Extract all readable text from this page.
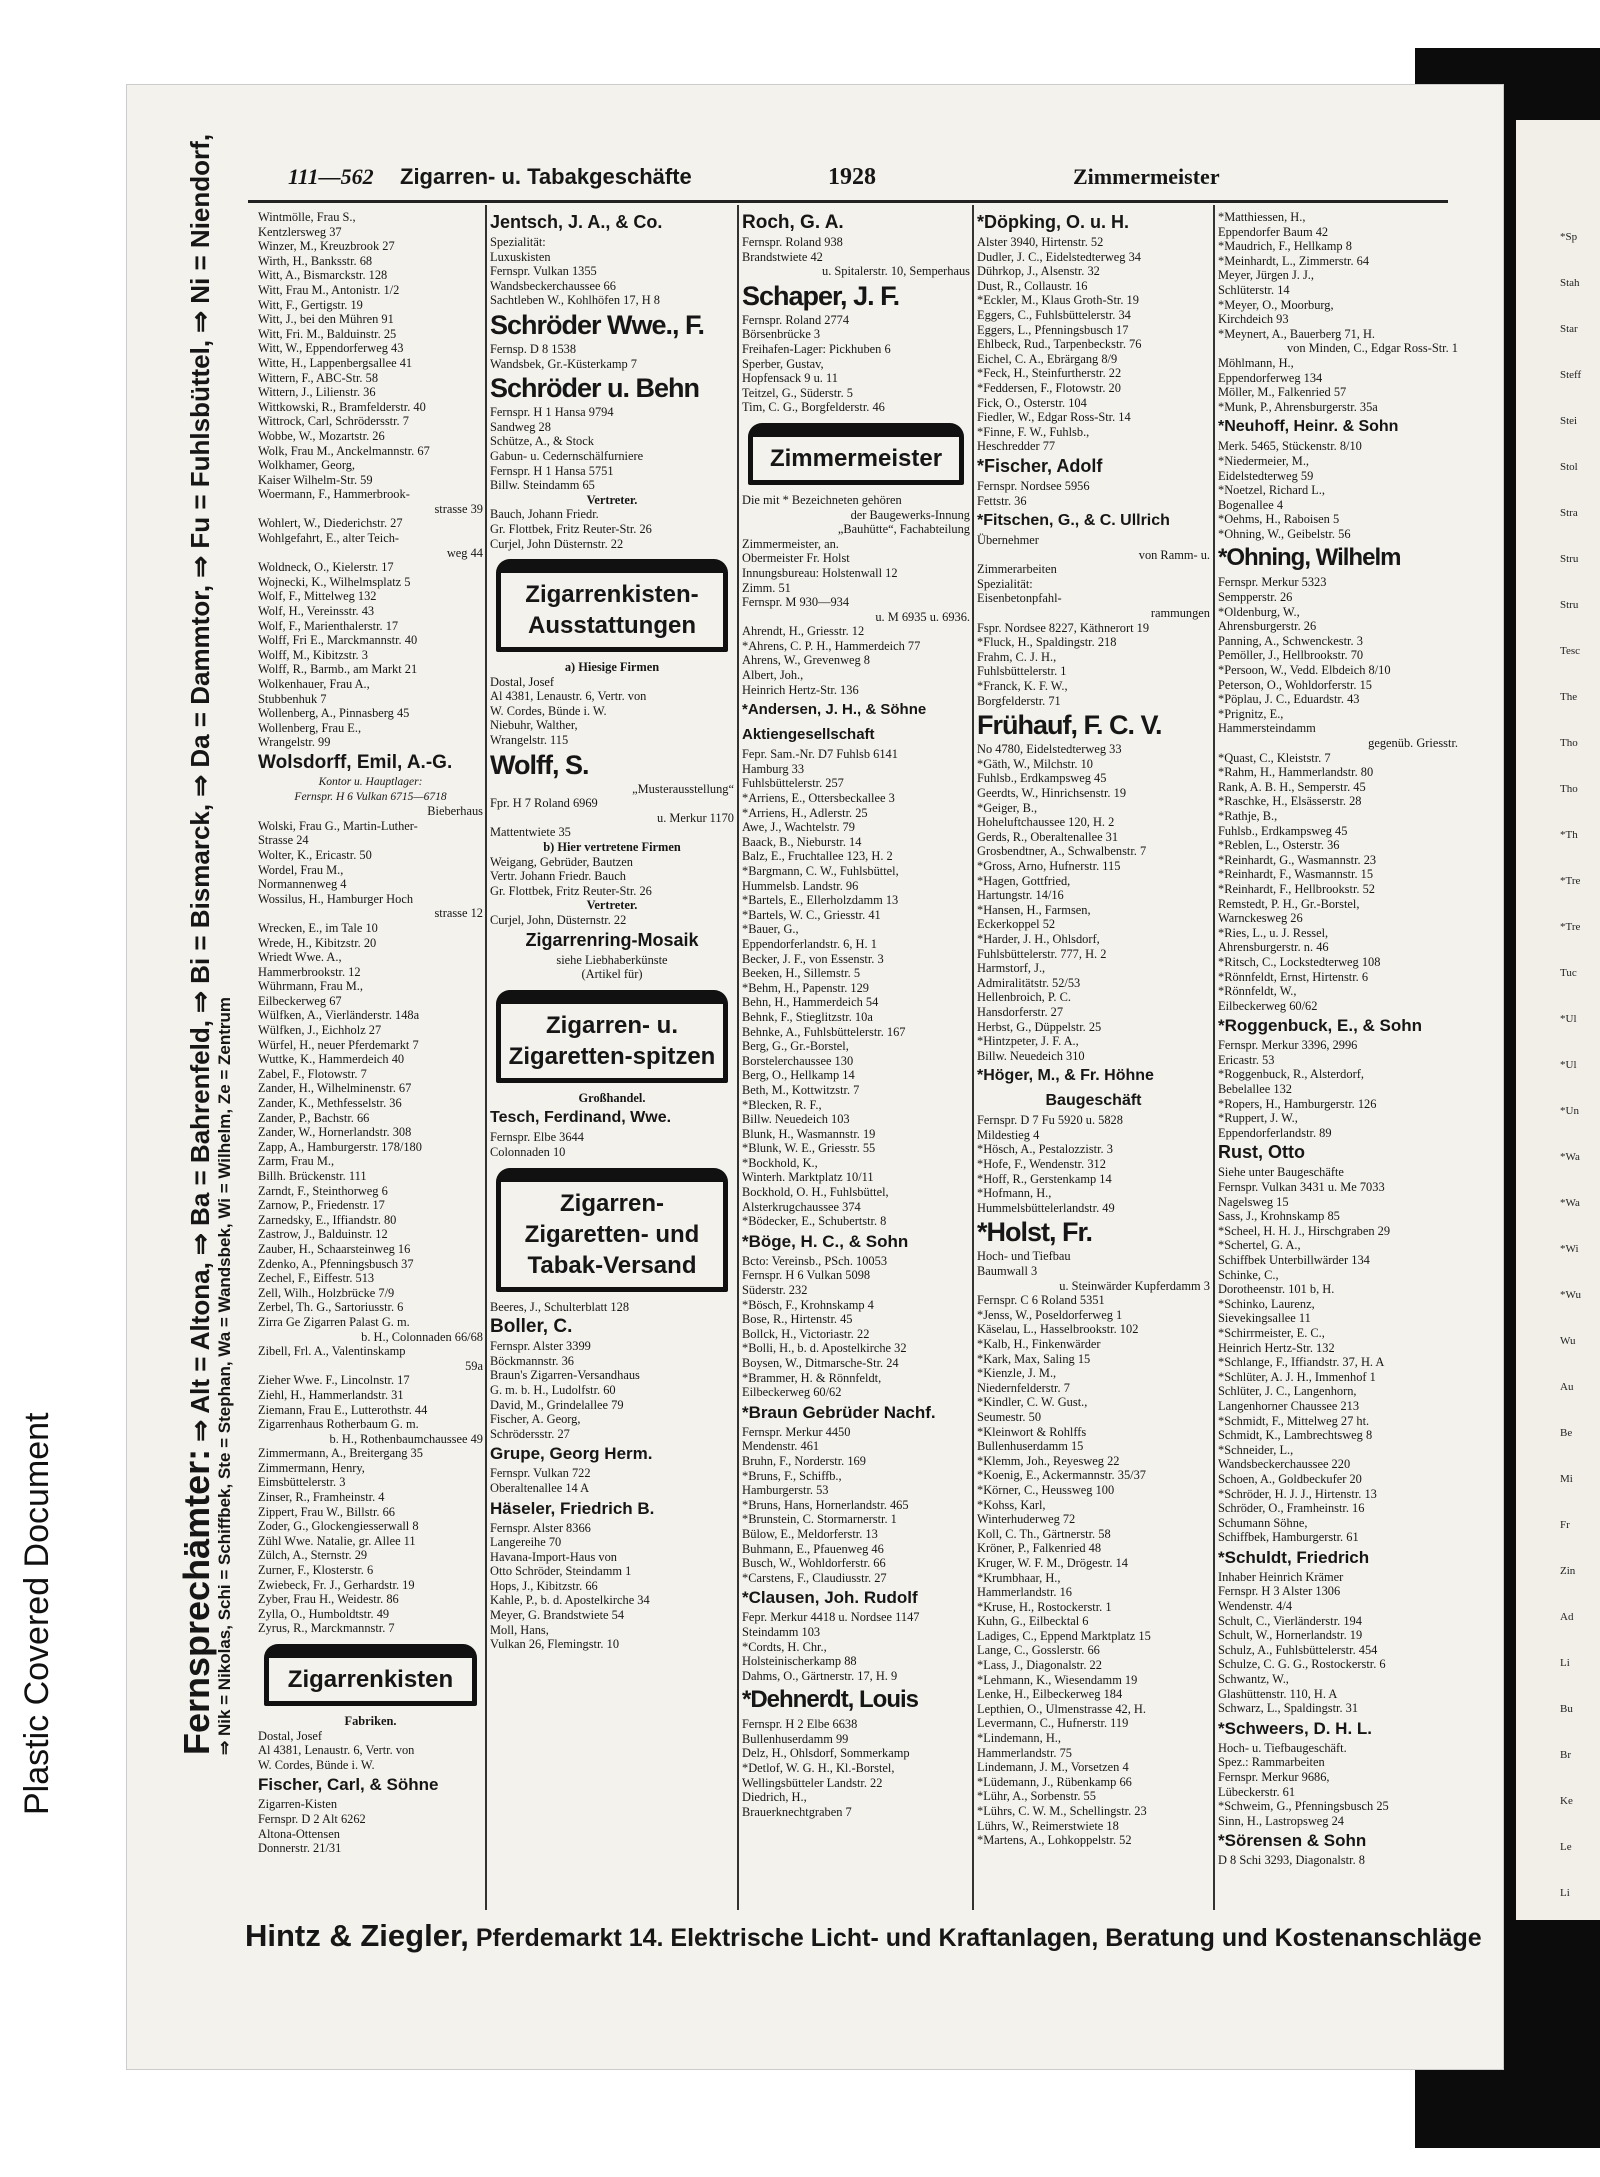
*Sp
Stah
Star
Steff
Stei
Stol
Stra
Stru
Stru
Tesc
The
Tho
Tho
*Th
*Tre
*Tre
Tuc
*Ul
*Ul
*Un
*Wa
*Wa
*Wi
*Wu
Wu
Au
Be
Mi
Fr
Zin
Ad
Li
Bu
Br
Ke
Le
Li
Plastic Covered Document	Fernsprechämter: ⇒ Alt = Altona, ⇒ Ba = Bahrenfeld, ⇒ Bi = Bismarck, ⇒ Da = Dammtor, ⇒ Fu = Fuhlsbüttel, ⇒ Ni = Niendorf, ⇒ Nik = Nikolas, Schi = Schiffbek, Ste = Stephan, Wa = Wandsbek, Wi = Wilhelm, Ze = Zentrum
111—562 Zigarren- u. Tabakgeschäfte	1928	Zimmermeister
Wintmölle, Frau S.,
Kentzlersweg 37
Winzer, M., Kreuzbrook 27
Wirth, H., Banksstr. 68
Witt, A., Bismarckstr. 128
Witt, Frau M., Antonistr. 1/2
Witt, F., Gertigstr. 19
Witt, J., bei den Mühren 91
Witt, Fri. M., Balduinstr. 25
Witt, W., Eppendorferweg 43
Witte, H., Lappenbergsallee 41
Wittern, F., ABC-Str. 58
Wittern, J., Lilienstr. 36
Wittkowski, R., Bramfelderstr. 40
Wittrock, Carl, Schrödersstr. 7
Wobbe, W., Mozartstr. 26
Wolk, Frau M., Anckelmannstr. 67
Wolkhamer, Georg,
Kaiser Wilhelm-Str. 59
Woermann, F., Hammerbrook-
strasse 39
Wohlert, W., Diederichstr. 27
Wohlgefahrt, E., alter Teich-
weg 44
Woldneck, O., Kielerstr. 17
Wojnecki, K., Wilhelmsplatz 5
Wolf, F., Mittelweg 132
Wolf, H., Vereinsstr. 43
Wolf, F., Marienthalerstr. 17
Wolff, Fri E., Marckmannstr. 40
Wolff, M., Kibitzstr. 3
Wolff, R., Barmb., am Markt 21
Wolkenhauer, Frau A.,
Stubbenhuk 7
Wollenberg, A., Pinnasberg 45
Wollenberg, Frau E.,
Wrangelstr. 99
Wolsdorff, Emil, A.-G.
Kontor u. Hauptlager:
Fernspr. H 6 Vulkan 6715—6718
Bieberhaus
Wolski, Frau G., Martin-Luther-
Strasse 24
Wolter, K., Ericastr. 50
Wordel, Frau M.,
Normannenweg 4
Wossilus, H., Hamburger Hoch
strasse 12
Wrecken, E., im Tale 10
Wrede, H., Kibitzstr. 20
Wriedt Wwe. A.,
Hammerbrookstr. 12
Wührmann, Frau M.,
Eilbeckerweg 67
Wülfken, A., Vierländerstr. 148a
Wülfken, J., Eichholz 27
Würfel, H., neuer Pferdemarkt 7
Wuttke, K., Hammerdeich 40
Zabel, F., Flotowstr. 7
Zander, H., Wilhelminenstr. 67
Zander, K., Methfesselstr. 36
Zander, P., Bachstr. 66
Zander, W., Hornerlandstr. 308
Zapp, A., Hamburgerstr. 178/180
Zarm, Frau M.,
Billh. Brückenstr. 111
Zarndt, F., Steinthorweg 6
Zarnow, P., Friedenstr. 17
Zarnedsky, E., Iffiandstr. 80
Zastrow, J., Balduinstr. 12
Zauber, H., Schaarsteinweg 16
Zdenko, A., Pfenningsbusch 37
Zechel, F., Eiffestr. 513
Zell, Wilh., Holzbrücke 7/9
Zerbel, Th. G., Sartoriusstr. 6
Zirra Ge Zigarren Palast G. m.
b. H., Colonnaden 66/68
Zibell, Frl. A., Valentinskamp
59a
Zieher Wwe. F., Lincolnstr. 17
Ziehl, H., Hammerlandstr. 31
Ziemann, Frau E., Lutterothstr. 44
Zigarrenhaus Rotherbaum G. m.
b. H., Rothenbaumchaussee 49
Zimmermann, A., Breitergang 35
Zimmermann, Henry,
Eimsbüttelerstr. 3
Zinser, R., Framheinstr. 4
Zippert, Frau W., Billstr. 66
Zoder, G., Glockengiesserwall 8
Zühl Wwe. Natalie, gr. Allee 11
Zülch, A., Sternstr. 29
Zurner, F., Klosterstr. 6
Zwiebeck, Fr. J., Gerhardstr. 19
Zyber, Frau H., Weidestr. 86
Zylla, O., Humboldtstr. 49
Zyrus, R., Marckmannstr. 7
Zigarrenkisten
Fabriken.
Dostal, Josef
Al 4381, Lenaustr. 6, Vertr. von
W. Cordes, Bünde i. W.
Fischer, Carl, & Söhne
Zigarren-Kisten
Fernspr. D 2 Alt 6262
Altona-Ottensen
Donnerstr. 21/31
Jentsch, J. A., & Co.
Spezialität:
Luxuskisten
Fernspr. Vulkan 1355
Wandsbeckerchaussee 66
Sachtleben W., Kohlhöfen 17, H 8
Schröder Wwe., F.
Fernsp. D 8 1538
Wandsbek, Gr.-Küsterkamp 7
Schröder u. Behn
Fernspr. H 1 Hansa 9794
Sandweg 28
Schütze, A., & Stock
Gabun- u. Cedernschälfurniere
Fernspr. H 1 Hansa 5751
Billw. Steindamm 65
Vertreter.
Bauch, Johann Friedr.
Gr. Flottbek, Fritz Reuter-Str. 26
Curjel, John Düsternstr. 22
Zigarrenkisten-Ausstattungen
a) Hiesige Firmen
Dostal, Josef
Al 4381, Lenaustr. 6, Vertr. von
W. Cordes, Bünde i. W.
Niebuhr, Walther,
Wrangelstr. 115
Wolff, S.
„Musterausstellung“
Fpr. H 7 Roland 6969
u. Merkur 1170
Mattentwiete 35
b) Hier vertretene Firmen
Weigang, Gebrüder, Bautzen
Vertr. Johann Friedr. Bauch
Gr. Flottbek, Fritz Reuter-Str. 26
Vertreter.
Curjel, John, Düsternstr. 22
Zigarrenring-Mosaik
siehe Liebhaberkünste
(Artikel für)
Zigarren- u. Zigaretten-spitzen
Großhandel.
Tesch, Ferdinand, Wwe.
Fernspr. Elbe 3644
Colonnaden 10
Zigarren-Zigaretten- und Tabak-Versand
Beeres, J., Schulterblatt 128
Boller, C.
Fernspr. Alster 3399
Böckmannstr. 36
Braun's Zigarren-Versandhaus
G. m. b. H., Ludolfstr. 60
David, M., Grindelallee 79
Fischer, A. Georg,
Schrödersstr. 27
Grupe, Georg Herm.
Fernspr. Vulkan 722
Oberaltenallee 14 A
Häseler, Friedrich B.
Fernspr. Alster 8366
Langereihe 70
Havana-Import-Haus von
Otto Schröder, Steindamm 1
Hops, J., Kibitzstr. 66
Kahle, P., b. d. Apostelkirche 34
Meyer, G. Brandstwiete 54
Moll, Hans,
Vulkan 26, Flemingstr. 10
Roch, G. A.
Fernspr. Roland 938
Brandstwiete 42
u. Spitalerstr. 10, Semperhaus
Schaper, J. F.
Fernspr. Roland 2774
Börsenbrücke 3
Freihafen-Lager: Pickhuben 6
Sperber, Gustav,
Hopfensack 9 u. 11
Teitzel, G., Süderstr. 5
Tim, C. G., Borgfelderstr. 46
Zimmermeister
Die mit * Bezeichneten gehören
der Baugewerks-Innung
„Bauhütte“, Fachabteilung
Zimmermeister, an.
Obermeister Fr. Holst
Innungsbureau: Holstenwall 12
Zimm. 51
Fernspr. M 930—934
u. M 6935 u. 6936.
Ahrendt, H., Griesstr. 12
*Ahrens, C. P. H., Hammerdeich 77
Ahrens, W., Grevenweg 8
Albert, Joh.,
Heinrich Hertz-Str. 136
*Andersen, J. H., & Söhne
Aktiengesellschaft
Fepr. Sam.-Nr. D7 Fuhlsb 6141
Hamburg 33
Fuhlsbüttelerstr. 257
*Arriens, E., Ottersbeckallee 3
*Arriens, H., Adlerstr. 25
Awe, J., Wachtelstr. 79
Baack, B., Nieburstr. 14
Balz, E., Fruchtallee 123, H. 2
*Bargmann, C. W., Fuhlsbüttel,
Hummelsb. Landstr. 96
*Bartels, E., Ellerholzdamm 13
*Bartels, W. C., Griesstr. 41
*Bauer, G.,
Eppendorferlandstr. 6, H. 1
Becker, J. F., von Essenstr. 3
Beeken, H., Sillemstr. 5
*Behm, H., Papenstr. 129
Behn, H., Hammerdeich 54
Behnk, F., Stieglitzstr. 10a
Behnke, A., Fuhlsbüttelerstr. 167
Berg, G., Gr.-Borstel,
Borstelerchaussee 130
Berg, O., Hellkamp 14
Beth, M., Kottwitzstr. 7
*Blecken, R. F.,
Billw. Neuedeich 103
Blunk, H., Wasmannstr. 19
*Blunk, W. E., Griesstr. 55
*Bockhold, K.,
Winterh. Marktplatz 10/11
Bockhold, O. H., Fuhlsbüttel,
Alsterkrugchaussee 374
*Bödecker, E., Schubertstr. 8
*Böge, H. C., & Sohn
Bcto: Vereinsb., PSch. 10053
Fernspr. H 6 Vulkan 5098
Süderstr. 232
*Bösch, F., Krohnskamp 4
Bose, R., Hirtenstr. 45
Bollck, H., Victoriastr. 22
*Bolli, H., b. d. Apostelkirche 32
Boysen, W., Ditmarsche-Str. 24
*Brammer, H. & Rönnfeldt,
Eilbeckerweg 60/62
*Braun Gebrüder Nachf.
Fernspr. Merkur 4450
Mendenstr. 461
Bruhn, F., Norderstr. 169
*Bruns, F., Schiffb.,
Hamburgerstr. 53
*Bruns, Hans, Hornerlandstr. 465
*Brunstein, C. Stormarnerstr. 1
Bülow, E., Meldorferstr. 13
Buhmann, E., Pfauenweg 46
Busch, W., Wohldorferstr. 66
*Carstens, F., Claudiusstr. 27
*Clausen, Joh. Rudolf
Fepr. Merkur 4418 u. Nordsee 1147
Steindamm 103
*Cordts, H. Chr.,
Holsteinischerkamp 88
Dahms, O., Gärtnerstr. 17, H. 9
*Dehnerdt, Louis
Fernspr. H 2 Elbe 6638
Bullenhuserdamm 99
Delz, H., Ohlsdorf, Sommerkamp
*Detlof, W. G. H., Kl.-Borstel,
Wellingsbütteler Landstr. 22
Diedrich, H.,
Brauerknechtgraben 7
*Döpking, O. u. H.
Alster 3940, Hirtenstr. 52
Dudler, J. C., Eidelstedterweg 34
Dührkop, J., Alsenstr. 32
Dust, R., Collaustr. 16
*Eckler, M., Klaus Groth-Str. 19
Eggers, C., Fuhlsbüttelerstr. 34
Eggers, L., Pfenningsbusch 17
Ehlbeck, Rud., Tarpenbeckstr. 76
Eichel, C. A., Ebrärgang 8/9
*Feck, H., Steinfurtherstr. 22
*Feddersen, F., Flotowstr. 20
Fick, O., Osterstr. 104
Fiedler, W., Edgar Ross-Str. 14
*Finne, F. W., Fuhlsb.,
Heschredder 77
*Fischer, Adolf
Fernspr. Nordsee 5956
Fettstr. 36
*Fitschen, G., & C. Ullrich
Übernehmer
von Ramm- u.
Zimmerarbeiten
Spezialität:
Eisenbetonpfahl-
rammungen
Fspr. Nordsee 8227, Käthnerort 19
*Fluck, H., Spaldingstr. 218
Frahm, C. J. H.,
Fuhlsbüttelerstr. 1
*Franck, K. F. W.,
Borgfelderstr. 71
Frühauf, F. C. V.
No 4780, Eidelstedterweg 33
*Gäth, W., Milchstr. 10
Fuhlsb., Erdkampsweg 45
Geerdts, W., Hinrichsenstr. 19
*Geiger, B.,
Hoheluftchaussee 120, H. 2
Gerds, R., Oberaltenallee 31
Grosbendtner, A., Schwalbenstr. 7
*Gross, Arno, Hufnerstr. 115
*Hagen, Gottfried,
Hartungstr. 14/16
*Hansen, H., Farmsen,
Eckerkoppel 52
*Harder, J. H., Ohlsdorf,
Fuhlsbüttelerstr. 777, H. 2
Harmstorf, J.,
Admiralitätstr. 52/53
Hellenbroich, P. C.
Hansdorferstr. 27
Herbst, G., Düppelstr. 25
*Hintzpeter, J. F. A.,
Billw. Neuedeich 310
*Höger, M., & Fr. Höhne
Baugeschäft
Fernspr. D 7 Fu 5920 u. 5828
Mildestieg 4
*Hösch, A., Pestalozzistr. 3
*Hofe, F., Wendenstr. 312
*Hoff, R., Gerstenkamp 14
*Hofmann, H.,
Hummelsbüttelerlandstr. 49
*Holst, Fr.
Hoch- und Tiefbau
Baumwall 3
u. Steinwärder Kupferdamm 3
Fernspr. C 6 Roland 5351
*Jenss, W., Poseldorferweg 1
Käselau, L., Hasselbrookstr. 102
*Kalb, H., Finkenwärder
*Kark, Max, Saling 15
*Kienzle, J. M.,
Niedernfelderstr. 7
*Kindler, C. W. Gust.,
Seumestr. 50
*Kleinwort & Rohlffs
Bullenhuserdamm 15
*Klemm, Joh., Reyesweg 22
*Koenig, E., Ackermannstr. 35/37
*Körner, C., Heussweg 100
*Kohss, Karl,
Winterhuderweg 72
Koll, C. Th., Gärtnerstr. 58
Kröner, P., Falkenried 48
Kruger, W. F. M., Drögestr. 14
*Krumbhaar, H.,
Hammerlandstr. 16
*Kruse, H., Rostockerstr. 1
Kuhn, G., Eilbecktal 6
Ladiges, C., Eppend Marktplatz 15
Lange, C., Gosslerstr. 66
*Lass, J., Diagonalstr. 22
*Lehmann, K., Wiesendamm 19
Lenke, H., Eilbeckerweg 184
Lepthien, O., Ulmenstrasse 42, H.
Levermann, C., Hufnerstr. 119
*Lindemann, H.,
Hammerlandstr. 75
Lindemann, J. M., Vorsetzen 4
*Lüdemann, J., Rübenkamp 66
*Lühr, A., Sorbenstr. 55
*Lührs, C. W. M., Schellingstr. 23
Lührs, W., Reimerstwiete 18
*Martens, A., Lohkoppelstr. 52
*Matthiessen, H.,
Eppendorfer Baum 42
*Maudrich, F., Hellkamp 8
*Meinhardt, L., Zimmerstr. 64
Meyer, Jürgen J. J.,
Schlüterstr. 14
*Meyer, O., Moorburg,
Kirchdeich 93
*Meynert, A., Bauerberg 71, H.
von Minden, C., Edgar Ross-Str. 1
Möhlmann, H.,
Eppendorferweg 134
Möller, M., Falkenried 57
*Munk, P., Ahrensburgerstr. 35a
*Neuhoff, Heinr. & Sohn
Merk. 5465, Stückenstr. 8/10
*Niedermeier, M.,
Eidelstedterweg 59
*Noetzel, Richard L.,
Bogenallee 4
*Oehms, H., Raboisen 5
*Ohning, W., Geibelstr. 56
*Ohning, Wilhelm
Fernspr. Merkur 5323
Sempperstr. 26
*Oldenburg, W.,
Ahrensburgerstr. 26
Panning, A., Schwenckestr. 3
Pemöller, J., Hellbrookstr. 70
*Persoon, W., Vedd. Elbdeich 8/10
Peterson, O., Wohldorferstr. 15
*Pöplau, J. C., Eduardstr. 43
*Prignitz, E.,
Hammersteindamm
gegenüb. Griesstr.
*Quast, C., Kleiststr. 7
*Rahm, H., Hammerlandstr. 80
Rank, A. B. H., Semperstr. 45
*Raschke, H., Elsässerstr. 28
*Rathje, B.,
Fuhlsb., Erdkampsweg 45
*Reblen, L., Osterstr. 36
*Reinhardt, G., Wasmannstr. 23
*Reinhardt, F., Wasmannstr. 15
*Reinhardt, F., Hellbrookstr. 52
Remstedt, P. H., Gr.-Borstel,
Warnckesweg 26
*Ries, L., u. J. Ressel,
Ahrensburgerstr. n. 46
*Ritsch, C., Lockstedterweg 108
*Rönnfeldt, Ernst, Hirtenstr. 6
*Rönnfeldt, W.,
Eilbeckerweg 60/62
*Roggenbuck, E., & Sohn
Fernspr. Merkur 3396, 2996
Ericastr. 53
*Roggenbuck, R., Alsterdorf,
Bebelallee 132
*Ropers, H., Hamburgerstr. 126
*Ruppert, J. W.,
Eppendorferlandstr. 89
Rust, Otto
Siehe unter Baugeschäfte
Fernspr. Vulkan 3431 u. Me 7033
Nagelsweg 15
Sass, J., Krohnskamp 85
*Scheel, H. H. J., Hirschgraben 29
*Schertel, G. A.,
Schiffbek Unterbillwärder 134
Schinke, C.,
Dorotheenstr. 101 b, H.
*Schinko, Laurenz,
Sievekingsallee 11
*Schirrmeister, E. C.,
Heinrich Hertz-Str. 132
*Schlange, F., Iffiandstr. 37, H. A
*Schlüter, A. J. H., Immenhof 1
Schlüter, J. C., Langenhorn,
Langenhorner Chaussee 213
*Schmidt, F., Mittelweg 27 ht.
Schmidt, K., Lambrechtsweg 8
*Schneider, L.,
Wandsbeckerchaussee 220
Schoen, A., Goldbeckufer 20
*Schröder, H. J. J., Hirtenstr. 13
Schröder, O., Framheinstr. 16
Schumann Söhne,
Schiffbek, Hamburgerstr. 61
*Schuldt, Friedrich
Inhaber Heinrich Krämer
Fernspr. H 3 Alster 1306
Wendenstr. 4/4
Schult, C., Vierländerstr. 194
Schult, W., Hornerlandstr. 19
Schulz, A., Fuhlsbüttelerstr. 454
Schulze, C. G. G., Rostockerstr. 6
Schwantz, W.,
Glashüttenstr. 110, H. A
Schwarz, L., Spaldingstr. 31
*Schweers, D. H. L.
Hoch- u. Tiefbaugeschäft.
Spez.: Rammarbeiten
Fernspr. Merkur 9686,
Lübeckerstr. 61
*Schweim, G., Pfenningsbusch 25
Sinn, H., Lastropsweg 24
*Sörensen & Sohn
D 8 Schi 3293, Diagonalstr. 8
Hintz & Ziegler, Pferdemarkt 14. Elektrische Licht- und Kraftanlagen, Beratung und Kostenanschläge
